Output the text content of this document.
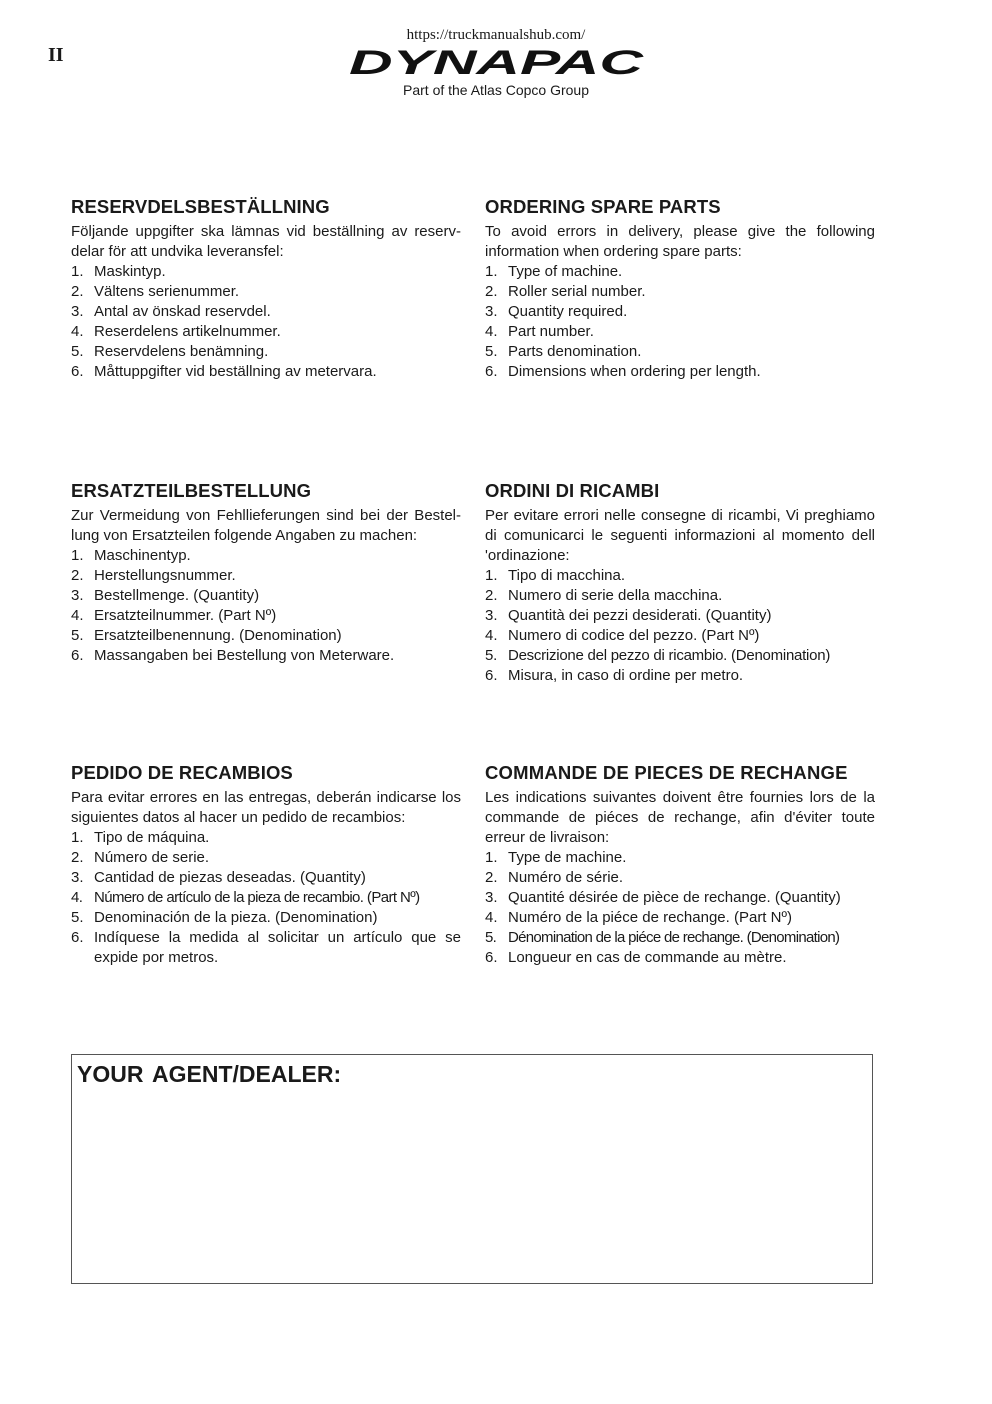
II
https://truckmanualshub.com/
DYNAPAC
Part of the Atlas Copco Group
RESERVDELSBESTÄLLNING

Följande uppgifter ska lämnas vid beställning av reserv-delar för att undvika leveransfel:

1. Maskintyp.
2. Vältens serienummer.
3. Antal av önskad reservdel.
4. Reserdelens artikelnummer.
5. Reservdelens benämning.
6. Måttuppgifter vid beställning av metervara.
ORDERING SPARE PARTS

To avoid errors in delivery, please give the following information when ordering spare parts:

1. Type of machine.
2. Roller serial number.
3. Quantity required.
4. Part number.
5. Parts denomination.
6. Dimensions when ordering per length.
ERSATZTEILBESTELLUNG

Zur Vermeidung von Fehllieferungen sind bei der Bestel-lung von Ersatzteilen folgende Angaben zu machen:

1. Maschinentyp.
2. Herstellungsnummer.
3. Bestellmenge. (Quantity)
4. Ersatzteilnummer. (Part Nº)
5. Ersatzteilbenennung. (Denomination)
6. Massangaben bei Bestellung von Meterware.
ORDINI DI RICAMBI

Per evitare errori nelle consegne di ricambi, Vi preghiamo di comunicarci le seguenti informazioni al momento dell 'ordinazione:

1. Tipo di macchina.
2. Numero di serie della macchina.
3. Quantità dei pezzi desiderati. (Quantity)
4. Numero di codice del pezzo. (Part Nº)
5. Descrizione del pezzo di ricambio. (Denomination)
6. Misura, in caso di ordine per metro.
PEDIDO DE RECAMBIOS

Para evitar errores en las entregas, deberán indicarse los siguientes datos al hacer un pedido de recambios:

1. Tipo de máquina.
2. Número de serie.
3. Cantidad de piezas deseadas. (Quantity)
4. Número de artículo de la pieza de recambio. (Part Nº)
5. Denominación de la pieza. (Denomination)
6. Indíquese la medida al solicitar un artículo que se expide por metros.
COMMANDE DE PIECES DE RECHANGE

Les indications suivantes doivent être fournies lors de la commande de piéces de rechange, afin d'éviter toute erreur de livraison:

1. Type de machine.
2. Numéro de série.
3. Quantité désirée de pièce de rechange. (Quantity)
4. Numéro de la piéce de rechange. (Part Nº)
5. Dénomination de la piéce de rechange. (Denomination)
6. Longueur en cas de commande au mètre.
YOUR AGENT/DEALER:
